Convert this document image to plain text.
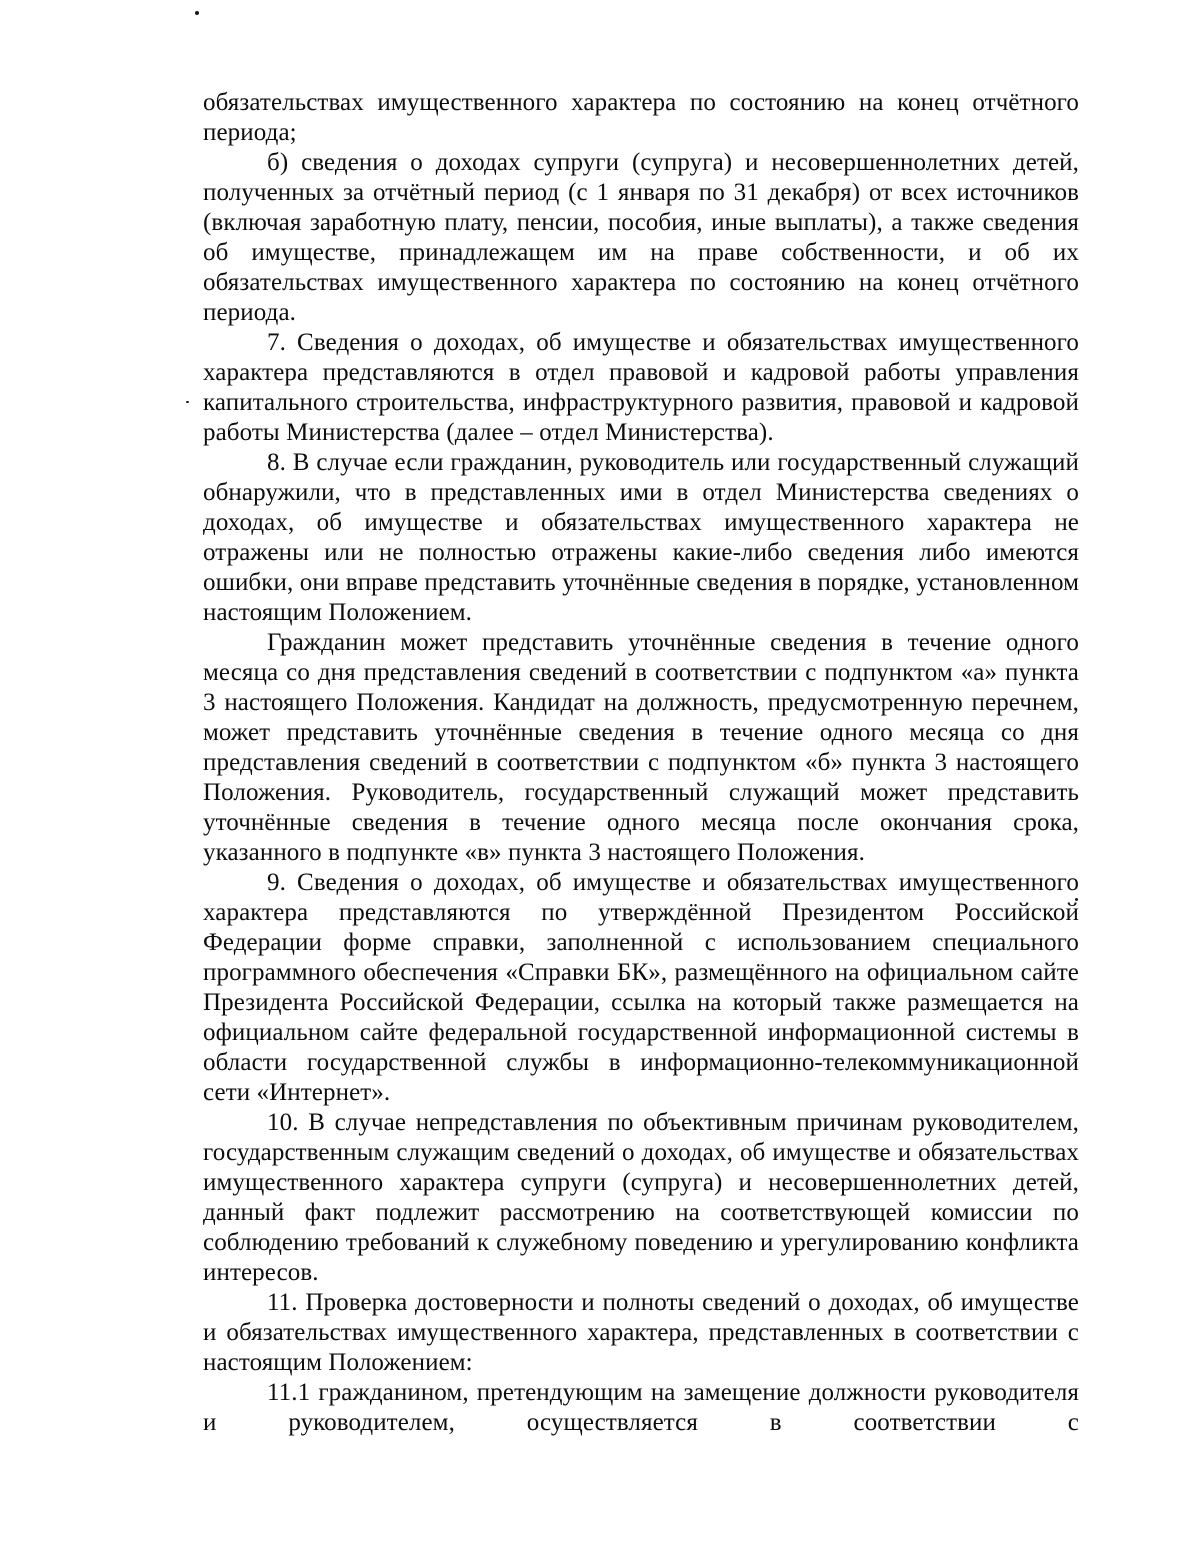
обязательствах имущественного характера по состоянию на конец отчётного периода;

б) сведения о доходах супруги (супруга) и несовершеннолетних детей, полученных за отчётный период (с 1 января по 31 декабря) от всех источников (включая заработную плату, пенсии, пособия, иные выплаты), а также сведения об имуществе, принадлежащем им на праве собственности, и об их обязательствах имущественного характера по состоянию на конец отчётного периода.

7. Сведения о доходах, об имуществе и обязательствах имущественного характера представляются в отдел правовой и кадровой работы управления капитального строительства, инфраструктурного развития, правовой и кадровой работы Министерства (далее – отдел Министерства).

8. В случае если гражданин, руководитель или государственный служащий обнаружили, что в представленных ими в отдел Министерства сведениях о доходах, об имуществе и обязательствах имущественного характера не отражены или не полностью отражены какие-либо сведения либо имеются ошибки, они вправе представить уточнённые сведения в порядке, установленном настоящим Положением.

Гражданин может представить уточнённые сведения в течение одного месяца со дня представления сведений в соответствии с подпунктом «а» пункта 3 настоящего Положения. Кандидат на должность, предусмотренную перечнем, может представить уточнённые сведения в течение одного месяца со дня представления сведений в соответствии с подпунктом «б» пункта 3 настоящего Положения. Руководитель, государственный служащий может представить уточнённые сведения в течение одного месяца после окончания срока, указанного в подпункте «в» пункта 3 настоящего Положения.

9. Сведения о доходах, об имуществе и обязательствах имущественного характера представляются по утверждённой Президентом Российской Федерации форме справки, заполненной с использованием специального программного обеспечения «Справки БК», размещённого на официальном сайте Президента Российской Федерации, ссылка на который также размещается на официальном сайте федеральной государственной информационной системы в области государственной службы в информационно-телекоммуникационной сети «Интернет».

10. В случае непредставления по объективным причинам руководителем, государственным служащим сведений о доходах, об имуществе и обязательствах имущественного характера супруги (супруга) и несовершеннолетних детей, данный факт подлежит рассмотрению на соответствующей комиссии по соблюдению требований к служебному поведению и урегулированию конфликта интересов.

11. Проверка достоверности и полноты сведений о доходах, об имуществе и обязательствах имущественного характера, представленных в соответствии с настоящим Положением:

11.1 гражданином, претендующим на замещение должности руководителя и руководителем, осуществляется в соответствии с
